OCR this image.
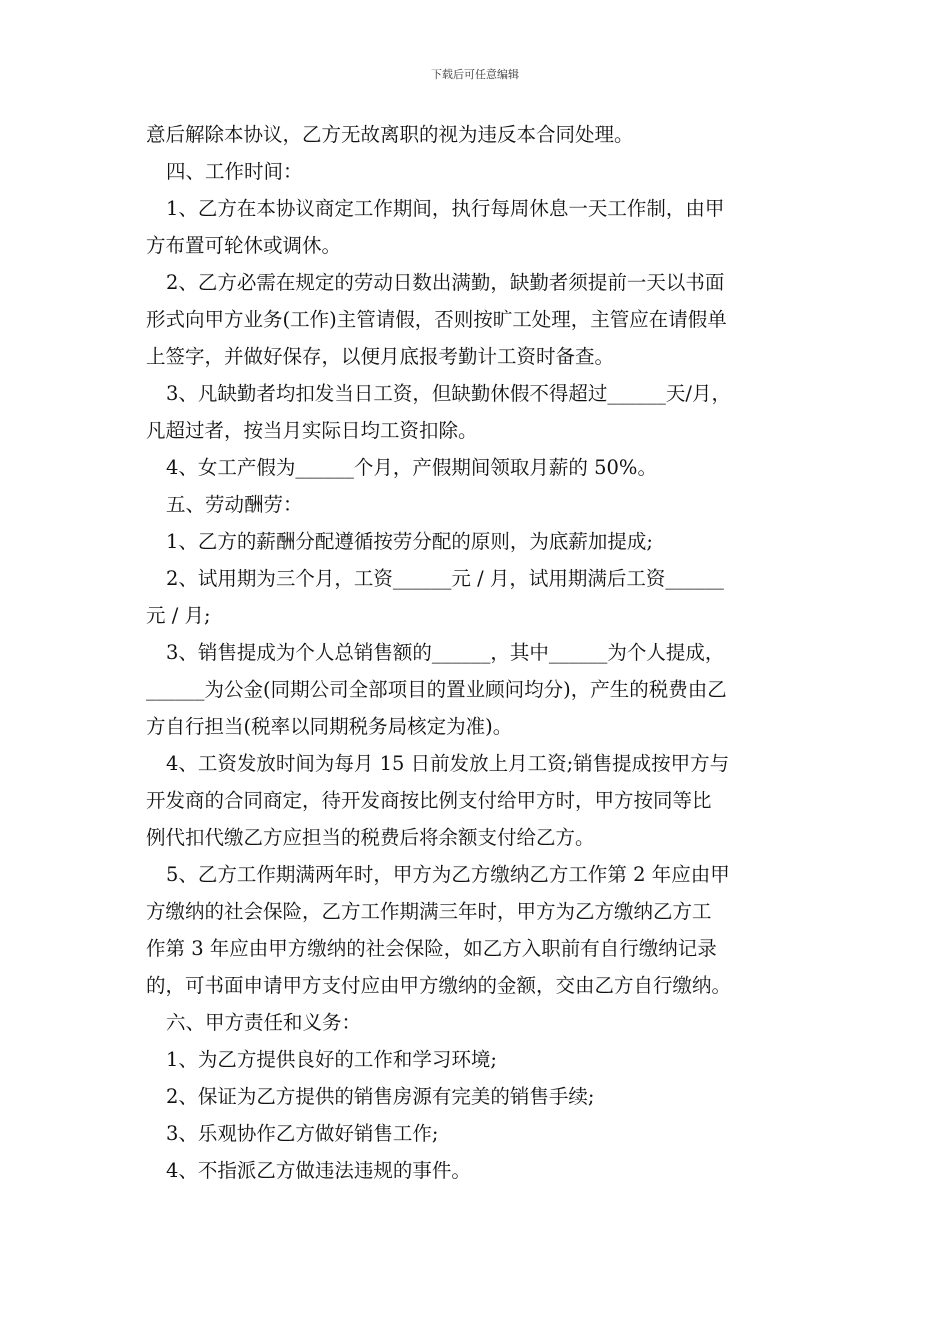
下载后可任意编辑
意后解除本协议，乙方无故离职的视为违反本合同处理。
四、工作时间：
1、乙方在本协议商定工作期间，执行每周休息一天工作制，由甲
方布置可轮休或调休。
2、乙方必需在规定的劳动日数出满勤，缺勤者须提前一天以书面
形式向甲方业务(工作)主管请假，否则按旷工处理，主管应在请假单
上签字，并做好保存，以便月底报考勤计工资时备查。
3、凡缺勤者均扣发当日工资，但缺勤休假不得超过______天/月，
凡超过者，按当月实际日均工资扣除。
4、女工产假为______个月，产假期间领取月薪的 50%。
五、劳动酬劳：
1、乙方的薪酬分配遵循按劳分配的原则，为底薪加提成;
2、试用期为三个月，工资______元 / 月，试用期满后工资______
元 / 月;
3、销售提成为个人总销售额的______，其中______为个人提成，
______为公金(同期公司全部项目的置业顾问均分)，产生的税费由乙
方自行担当(税率以同期税务局核定为准)。
4、工资发放时间为每月 15 日前发放上月工资;销售提成按甲方与
开发商的合同商定，待开发商按比例支付给甲方时，甲方按同等比
例代扣代缴乙方应担当的税费后将余额支付给乙方。
5、乙方工作期满两年时，甲方为乙方缴纳乙方工作第 2 年应由甲
方缴纳的社会保险，乙方工作期满三年时，甲方为乙方缴纳乙方工
作第 3 年应由甲方缴纳的社会保险，如乙方入职前有自行缴纳记录
的，可书面申请甲方支付应由甲方缴纳的金额，交由乙方自行缴纳。
六、甲方责任和义务：
1、为乙方提供良好的工作和学习环境;
2、保证为乙方提供的销售房源有完美的销售手续;
3、乐观协作乙方做好销售工作;
4、不指派乙方做违法违规的事件。
